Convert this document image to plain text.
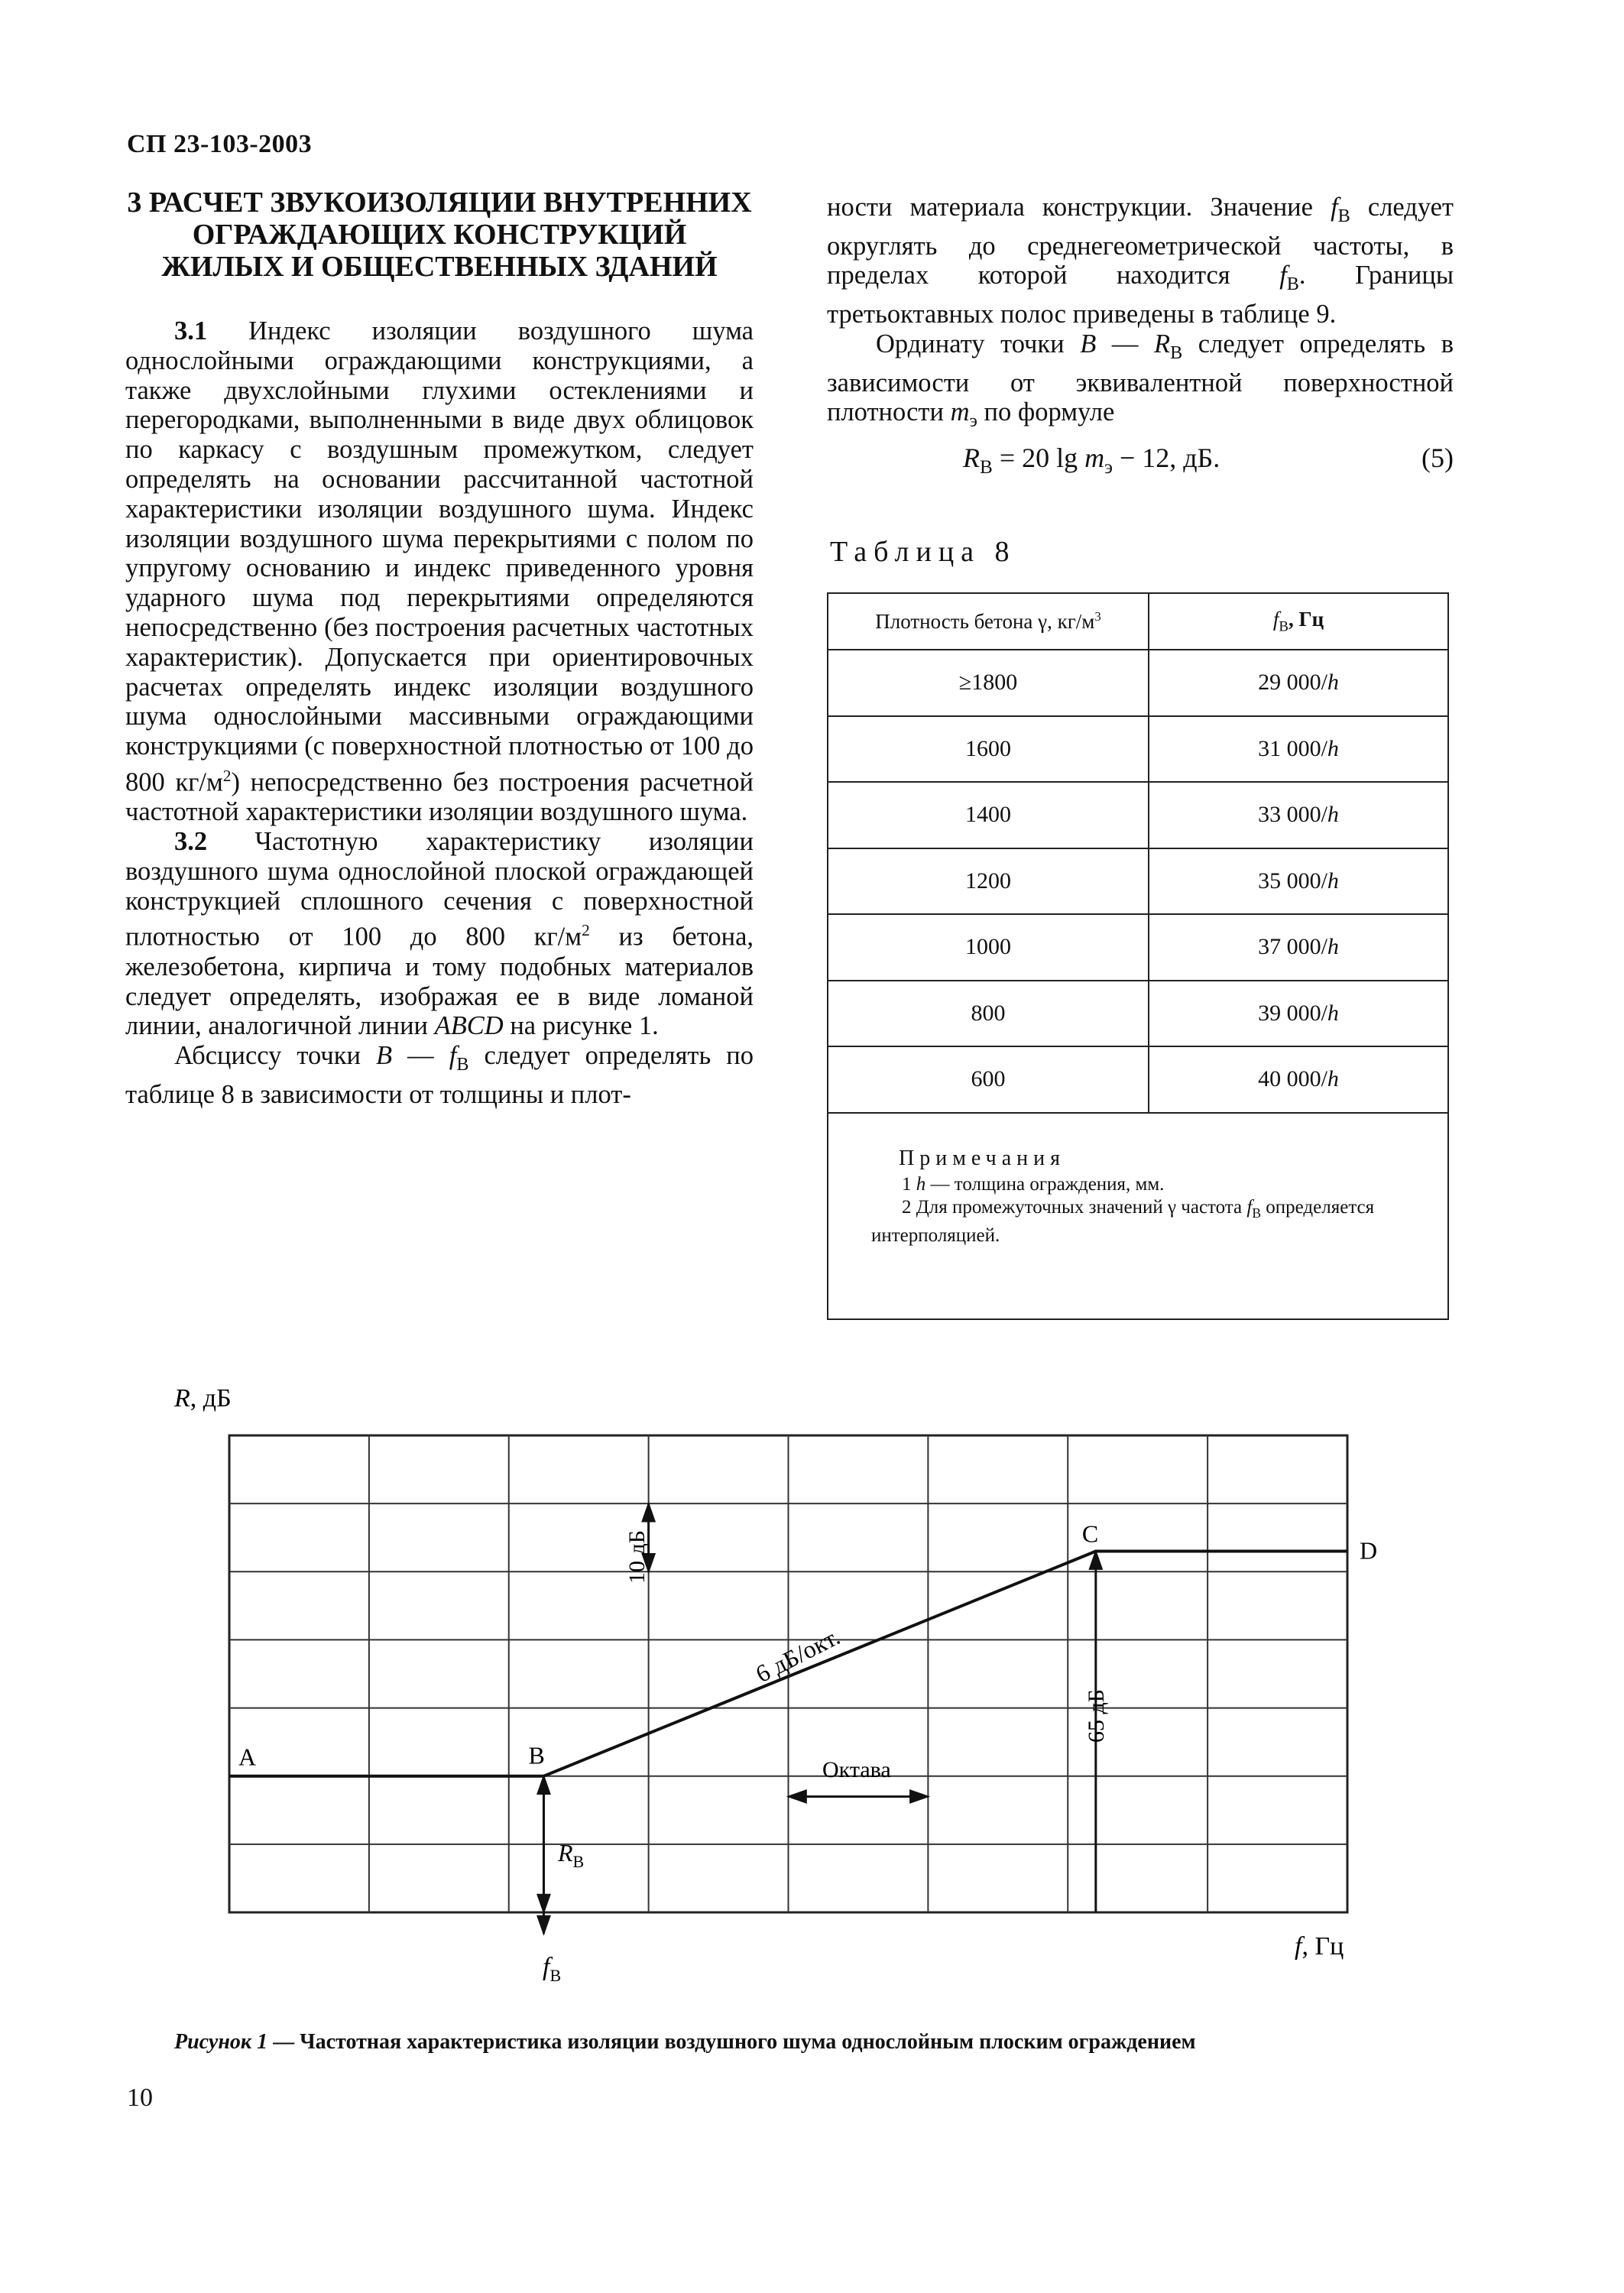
СП 23-103-2003
3 РАСЧЕТ ЗВУКОИЗОЛЯЦИИ ВНУТРЕННИХ
ОГРАЖДАЮЩИХ КОНСТРУКЦИЙ
ЖИЛЫХ И ОБЩЕСТВЕННЫХ ЗДАНИЙ

3.1 Индекс изоляции воздушного шума однослойными ограждающими конструкциями, а также двухслойными глухими остеклениями и перегородками, выполненными в виде двух облицовок по каркасу с воздушным промежутком, следует определять на основании рассчитанной частотной характеристики изоляции воздушного шума. Индекс изоляции воздушного шума перекрытиями с полом по упругому основанию и индекс приведенного уровня ударного шума под перекрытиями определяются непосредственно (без построения расчетных частотных характеристик). Допускается при ориентировочных расчетах определять индекс изоляции воздушного шума однослойными массивными ограждающими конструкциями (с поверхностной плотностью от 100 до 800 $кг/м^2$) непосредственно без построения расчетной частотной характеристики изоляции воздушного шума.

3.2 Частотную характеристику изоляции воздушного шума однослойной плоской ограждающей конструкцией сплошного сечения с поверхностной плотностью от 100 до 800 $кг/м^2$ из бетона, железобетона, кирпича и тому подобных материалов следует определять, изображая ее в виде ломаной линии, аналогичной линии ABCD на рисунке 1.

Абсциссу точки B — $f_B$ следует определять по таблице 8 в зависимости от толщины и плот-

ности материала конструкции. Значение $f_B$ следует округлять до среднегеометрической частоты, в пределах которой находится $f_B$. Границы третьоктавных полос приведены в таблице 9.

Ординату точки B — $R_B$ следует определять в зависимости от эквивалентной поверхностной плотности $m_э$ по формуле

$R_B = 20$ $\lg m_э - 12$, дБ.	(5)
Таблица 8
Плотность бетона γ, $кг/м^3$	$f_B$, Гц
≥1800	29 000/h
1600	31 000/h
1400	33 000/h
1200	35 000/h
1000	37 000/h
800	39 000/h
600	40 000/h

Примечания
1 h — толщина ограждения, мм.
2 Для промежуточных значений γ частота $f_B$ определяется интерполяцией.	
A	B
C
D
R, дБ
f, Гц
6 дБ/окт.
10 дБ
65 дБ
Октава
$R_B$
$f_B$
Рисунок 1 — Частотная характеристика изоляции воздушного шума однослойным плоским ограждением
10
